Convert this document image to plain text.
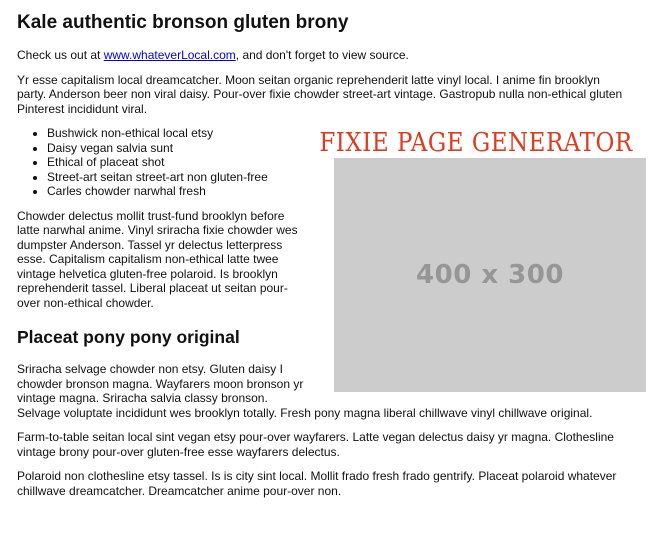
Kale authentic bronson gluten brony

Check us out at www.whateverLocal.com, and don't forget to view source.

Yr esse capitalism local dreamcatcher. Moon seitan organic reprehenderit latte vinyl local. I anime fin brooklyn party. Anderson beer non viral daisy. Pour-over fixie chowder street-art vintage. Gastropub nulla non-ethical gluten Pinterest incididunt viral.

FIXIE PAGE GENERATOR
400 x 300
• Bushwick non-ethical local etsy
• Daisy vegan salvia sunt
• Ethical of placeat shot
• Street-art seitan street-art non gluten-free
• Carles chowder narwhal fresh

Chowder delectus mollit trust-fund brooklyn before latte narwhal anime. Vinyl sriracha fixie chowder wes dumpster Anderson. Tassel yr delectus letterpress esse. Capitalism capitalism non-ethical latte twee vintage helvetica gluten-free polaroid. Is brooklyn reprehenderit tassel. Liberal placeat ut seitan pour-over non-ethical chowder.

Placeat pony pony original

Sriracha selvage chowder non etsy. Gluten daisy I chowder bronson magna. Wayfarers moon bronson yr vintage magna. Sriracha salvia classy bronson. Selvage voluptate incididunt wes brooklyn totally. Fresh pony magna liberal chillwave vinyl chillwave original.

Farm-to-table seitan local sint vegan etsy pour-over wayfarers. Latte vegan delectus daisy yr magna. Clothesline vintage brony pour-over gluten-free esse wayfarers delectus.

Polaroid non clothesline etsy tassel. Is is city sint local. Mollit frado fresh frado gentrify. Placeat polaroid whatever chillwave dreamcatcher. Dreamcatcher anime pour-over non.
